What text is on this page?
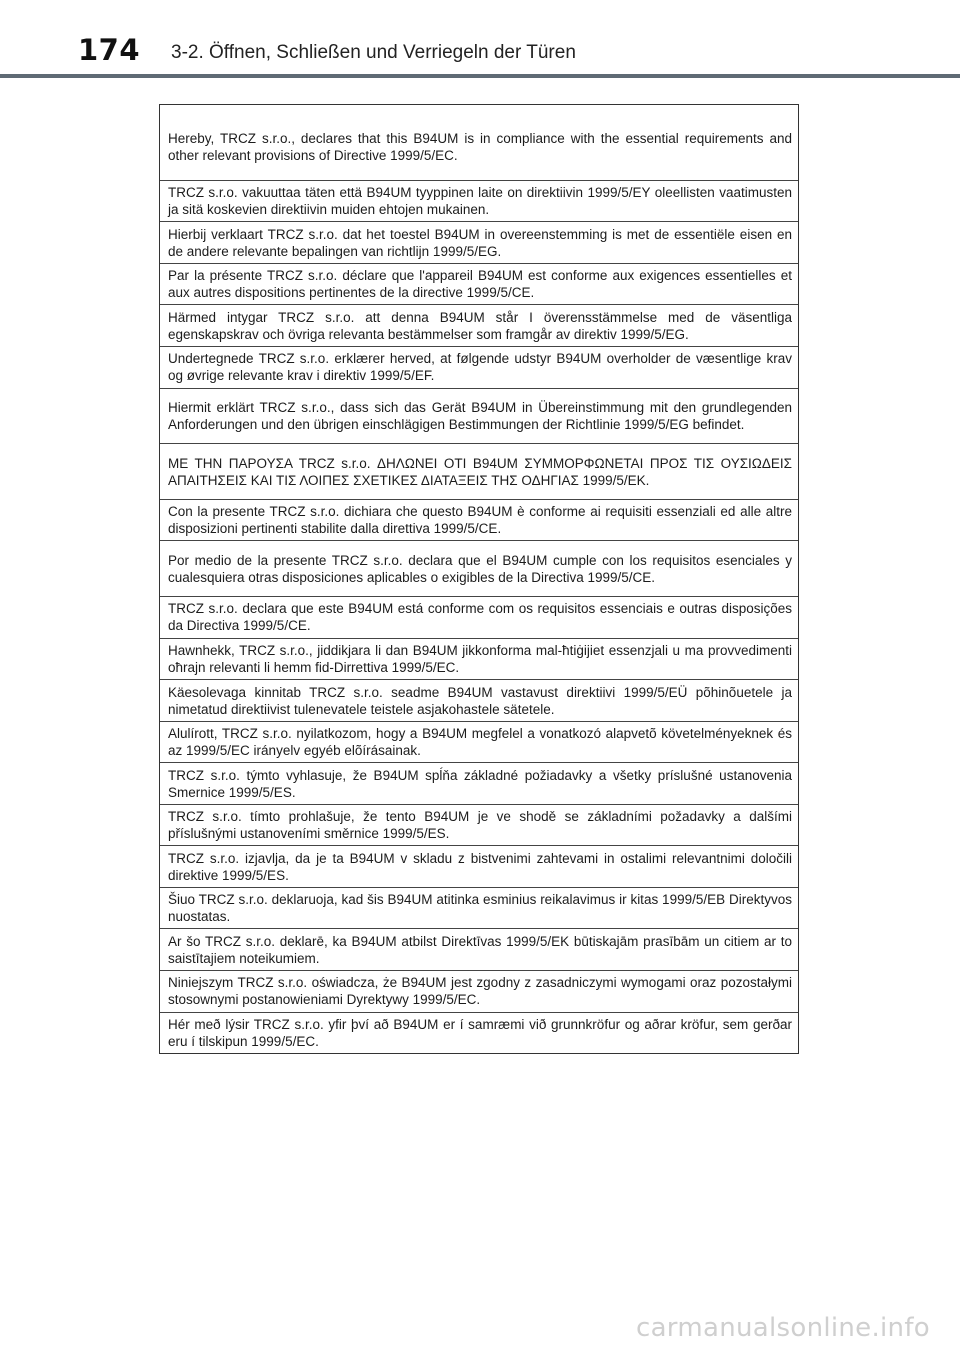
174 3-2. Öffnen, Schließen und Verriegeln der Türen

Hereby, TRCZ s.r.o., declares that this B94UM is in compliance with the essential requirements and other relevant provisions of Directive 1999/5/EC.

TRCZ s.r.o. vakuuttaa täten että B94UM tyyppinen laite on direktiivin 1999/5/EY oleellisten vaatimusten ja sitä koskevien direktiivin muiden ehtojen mukainen.

Hierbij verklaart TRCZ s.r.o. dat het toestel B94UM in overeenstemming is met de essentiële eisen en de andere relevante bepalingen van richtlijn 1999/5/EG.

Par la présente TRCZ s.r.o. déclare que l'appareil B94UM est conforme aux exigences essentielles et aux autres dispositions pertinentes de la directive 1999/5/CE.

Härmed intygar TRCZ s.r.o. att denna B94UM står I överensstämmelse med de väsentliga egenskapskrav och övriga relevanta bestämmelser som framgår av direktiv 1999/5/EG.

Undertegnede TRCZ s.r.o. erklærer herved, at følgende udstyr B94UM overholder de væsentlige krav og øvrige relevante krav i direktiv 1999/5/EF.

Hiermit erklärt TRCZ s.r.o., dass sich das Gerät B94UM in Übereinstimmung mit den grundlegenden Anforderungen und den übrigen einschlägigen Bestimmungen der Richtlinie 1999/5/EG befindet.

ΜΕ ΤΗΝ ΠΑΡΟΥΣΑ TRCZ s.r.o. ΔΗΛΩΝΕΙ ΟΤΙ B94UM ΣΥΜΜΟΡΦΩΝΕΤΑΙ ΠΡΟΣ ΤΙΣ ΟΥΣΙΩΔΕΙΣ ΑΠΑΙΤΗΣΕΙΣ ΚΑΙ ΤΙΣ ΛΟΙΠΕΣ ΣΧΕΤΙΚΕΣ ΔΙΑΤΑΞΕΙΣ ΤΗΣ ΟΔΗΓΙΑΣ 1999/5/ΕΚ.

Con la presente TRCZ s.r.o. dichiara che questo B94UM è conforme ai requisiti essenziali ed alle altre disposizioni pertinenti stabilite dalla direttiva 1999/5/CE.

Por medio de la presente TRCZ s.r.o. declara que el B94UM cumple con los requisitos esenciales y cualesquiera otras disposiciones aplicables o exigibles de la Directiva 1999/5/CE.

TRCZ s.r.o. declara que este B94UM está conforme com os requisitos essenciais e outras disposições da Directiva 1999/5/CE.

Hawnhekk, TRCZ s.r.o., jiddikjara li dan B94UM jikkonforma mal-ħtiġijiet essenzjali u ma provvedimenti oħrajn relevanti li hemm fid-Dirrettiva 1999/5/EC.

Käesolevaga kinnitab TRCZ s.r.o. seadme B94UM vastavust direktiivi 1999/5/EÜ põhinõuetele ja nimetatud direktiivist tulenevatele teistele asjakohastele sätetele.

Alulírott, TRCZ s.r.o. nyilatkozom, hogy a B94UM megfelel a vonatkozó alapvetõ követelményeknek és az 1999/5/EC irányelv egyéb elõírásainak.

TRCZ s.r.o. týmto vyhlasuje, že B94UM spĺňa základné požiadavky a všetky príslušné ustanovenia Smernice 1999/5/ES.

TRCZ s.r.o. tímto prohlašuje, že tento B94UM je ve shodě se základními požadavky a dalšími příslušnými ustanoveními směrnice 1999/5/ES.

TRCZ s.r.o. izjavlja, da je ta B94UM v skladu z bistvenimi zahtevami in ostalimi relevantnimi določili direktive 1999/5/ES.

Šiuo TRCZ s.r.o. deklaruoja, kad šis B94UM atitinka esminius reikalavimus ir kitas 1999/5/EB Direktyvos nuostatas.

Ar šo TRCZ s.r.o. deklarē, ka B94UM atbilst Direktīvas 1999/5/EK būtiskajām prasībām un citiem ar to saistītajiem noteikumiem.

Niniejszym TRCZ s.r.o. oświadcza, że B94UM jest zgodny z zasadniczymi wymogami oraz pozostałymi stosownymi postanowieniami Dyrektywy 1999/5/EC.

Hér með lýsir TRCZ s.r.o. yfir því að B94UM er í samræmi við grunnkröfur og aðrar kröfur, sem gerðar eru í tilskipun 1999/5/EC.

carmanualsonline.info
